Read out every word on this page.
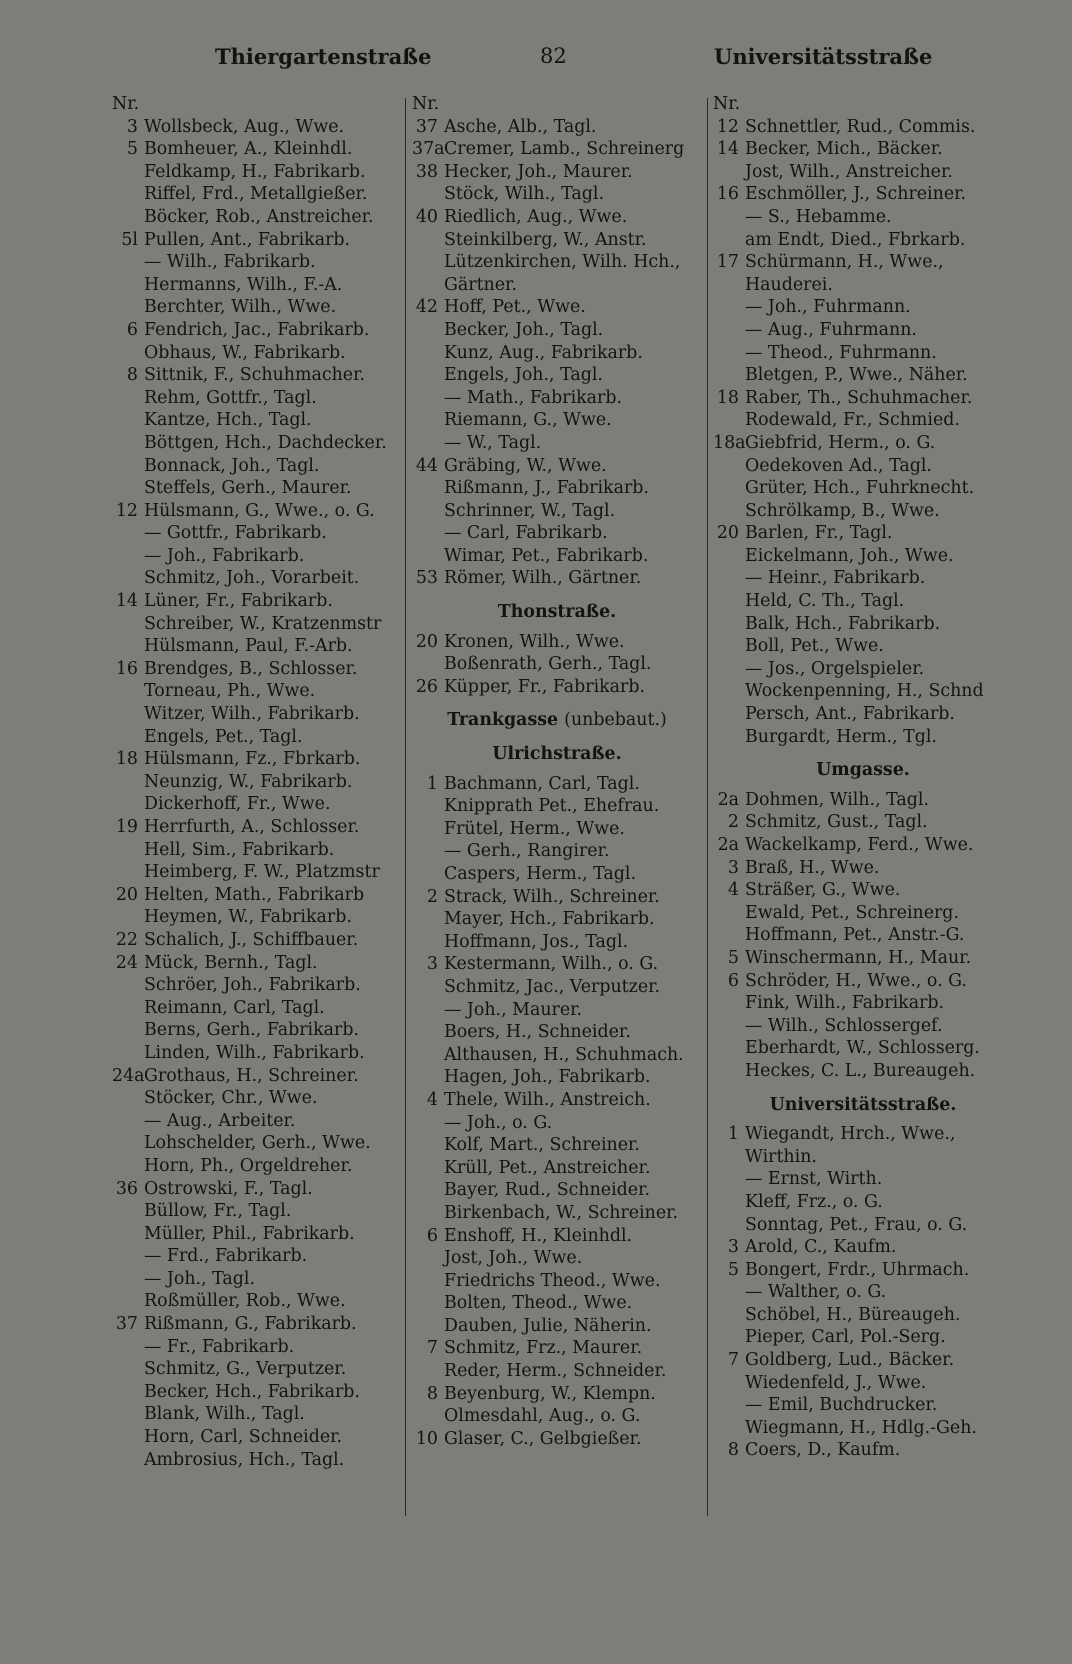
Thiergartenstraße	82	Universitätsstraße
Nr.
3 Wollsbeck, Aug., Wwe.
5 Bomheuer, A., Kleinhdl.
Feldkamp, H., Fabrikarb.
Riffel, Frd., Metallgießer.
Böcker, Rob., Anstreicher.
5l Pullen, Ant., Fabrikarb.
— Wilh., Fabrikarb.
Hermanns, Wilh., F.-A.
Berchter, Wilh., Wwe.
6 Fendrich, Jac., Fabrikarb.
Obhaus, W., Fabrikarb.
8 Sittnik, F., Schuhmacher.
Rehm, Gottfr., Tagl.
Kantze, Hch., Tagl.
Böttgen, Hch., Dachdecker.
Bonnack, Joh., Tagl.
Steffels, Gerh., Maurer.
12 Hülsmann, G., Wwe., o. G.
— Gottfr., Fabrikarb.
— Joh., Fabrikarb.
Schmitz, Joh., Vorarbeit.
14 Lüner, Fr., Fabrikarb.
Schreiber, W., Kratzenmstr
Hülsmann, Paul, F.-Arb.
16 Brendges, B., Schlosser.
Torneau, Ph., Wwe.
Witzer, Wilh., Fabrikarb.
Engels, Pet., Tagl.
18 Hülsmann, Fz., Fbrkarb.
Neunzig, W., Fabrikarb.
Dickerhoff, Fr., Wwe.
19 Herrfurth, A., Schlosser.
Hell, Sim., Fabrikarb.
Heimberg, F. W., Platzmstr
20 Helten, Math., Fabrikarb
Heymen, W., Fabrikarb.
22 Schalich, J., Schiffbauer.
24 Mück, Bernh., Tagl.
Schröer, Joh., Fabrikarb.
Reimann, Carl, Tagl.
Berns, Gerh., Fabrikarb.
Linden, Wilh., Fabrikarb.
24aGrothaus, H., Schreiner.
Stöcker, Chr., Wwe.
— Aug., Arbeiter.
Lohschelder, Gerh., Wwe.
Horn, Ph., Orgeldreher.
36 Ostrowski, F., Tagl.
Büllow, Fr., Tagl.
Müller, Phil., Fabrikarb.
— Frd., Fabrikarb.
— Joh., Tagl.
Roßmüller, Rob., Wwe.
37 Rißmann, G., Fabrikarb.
— Fr., Fabrikarb.
Schmitz, G., Verputzer.
Becker, Hch., Fabrikarb.
Blank, Wilh., Tagl.
Horn, Carl, Schneider.
Ambrosius, Hch., Tagl.
Nr.
37 Asche, Alb., Tagl.
37aCremer, Lamb., Schreinerg
38 Hecker, Joh., Maurer.
Stöck, Wilh., Tagl.
40 Riedlich, Aug., Wwe.
Steinkilberg, W., Anstr.
Lützenkirchen, Wilh. Hch.,
Gärtner.
42 Hoff, Pet., Wwe.
Becker, Joh., Tagl.
Kunz, Aug., Fabrikarb.
Engels, Joh., Tagl.
— Math., Fabrikarb.
Riemann, G., Wwe.
— W., Tagl.
44 Gräbing, W., Wwe.
Rißmann, J., Fabrikarb.
Schrinner, W., Tagl.
— Carl, Fabrikarb.
Wimar, Pet., Fabrikarb.
53 Römer, Wilh., Gärtner.
Thonstraße.
20 Kronen, Wilh., Wwe.
Boßenrath, Gerh., Tagl.
26 Küpper, Fr., Fabrikarb.
Trankgasse (unbebaut.)
Ulrichstraße.
1 Bachmann, Carl, Tagl.
Knipprath Pet., Ehefrau.
Frütel, Herm., Wwe.
— Gerh., Rangirer.
Caspers, Herm., Tagl.
2 Strack, Wilh., Schreiner.
Mayer, Hch., Fabrikarb.
Hoffmann, Jos., Tagl.
3 Kestermann, Wilh., o. G.
Schmitz, Jac., Verputzer.
— Joh., Maurer.
Boers, H., Schneider.
Althausen, H., Schuhmach.
Hagen, Joh., Fabrikarb.
4 Thele, Wilh., Anstreich.
— Joh., o. G.
Kolf, Mart., Schreiner.
Krüll, Pet., Anstreicher.
Bayer, Rud., Schneider.
Birkenbach, W., Schreiner.
6 Enshoff, H., Kleinhdl.
Jost, Joh., Wwe.
Friedrichs Theod., Wwe.
Bolten, Theod., Wwe.
Dauben, Julie, Näherin.
7 Schmitz, Frz., Maurer.
Reder, Herm., Schneider.
8 Beyenburg, W., Klempn.
Olmesdahl, Aug., o. G.
10 Glaser, C., Gelbgießer.
Nr.
12 Schnettler, Rud., Commis.
14 Becker, Mich., Bäcker.
Jost, Wilh., Anstreicher.
16 Eschmöller, J., Schreiner.
— S., Hebamme.
am Endt, Died., Fbrkarb.
17 Schürmann, H., Wwe.,
Hauderei.
— Joh., Fuhrmann.
— Aug., Fuhrmann.
— Theod., Fuhrmann.
Bletgen, P., Wwe., Näher.
18 Raber, Th., Schuhmacher.
Rodewald, Fr., Schmied.
18aGiebfrid, Herm., o. G.
Oedekoven Ad., Tagl.
Grüter, Hch., Fuhrknecht.
Schrölkamp, B., Wwe.
20 Barlen, Fr., Tagl.
Eickelmann, Joh., Wwe.
— Heinr., Fabrikarb.
Held, C. Th., Tagl.
Balk, Hch., Fabrikarb.
Boll, Pet., Wwe.
— Jos., Orgelspieler.
Wockenpenning, H., Schnd
Persch, Ant., Fabrikarb.
Burgardt, Herm., Tgl.
Umgasse.
2a Dohmen, Wilh., Tagl.
2 Schmitz, Gust., Tagl.
2a Wackelkamp, Ferd., Wwe.
3 Braß, H., Wwe.
4 Sträßer, G., Wwe.
Ewald, Pet., Schreinerg.
Hoffmann, Pet., Anstr.-G.
5 Winschermann, H., Maur.
6 Schröder, H., Wwe., o. G.
Fink, Wilh., Fabrikarb.
— Wilh., Schlossergef.
Eberhardt, W., Schlosserg.
Heckes, C. L., Bureaugeh.
Universitätsstraße.
1 Wiegandt, Hrch., Wwe.,
Wirthin.
— Ernst, Wirth.
Kleff, Frz., o. G.
Sonntag, Pet., Frau, o. G.
3 Arold, C., Kaufm.
5 Bongert, Frdr., Uhrmach.
— Walther, o. G.
Schöbel, H., Büreaugeh.
Pieper, Carl, Pol.-Serg.
7 Goldberg, Lud., Bäcker.
Wiedenfeld, J., Wwe.
— Emil, Buchdrucker.
Wiegmann, H., Hdlg.-Geh.
8 Coers, D., Kaufm.
